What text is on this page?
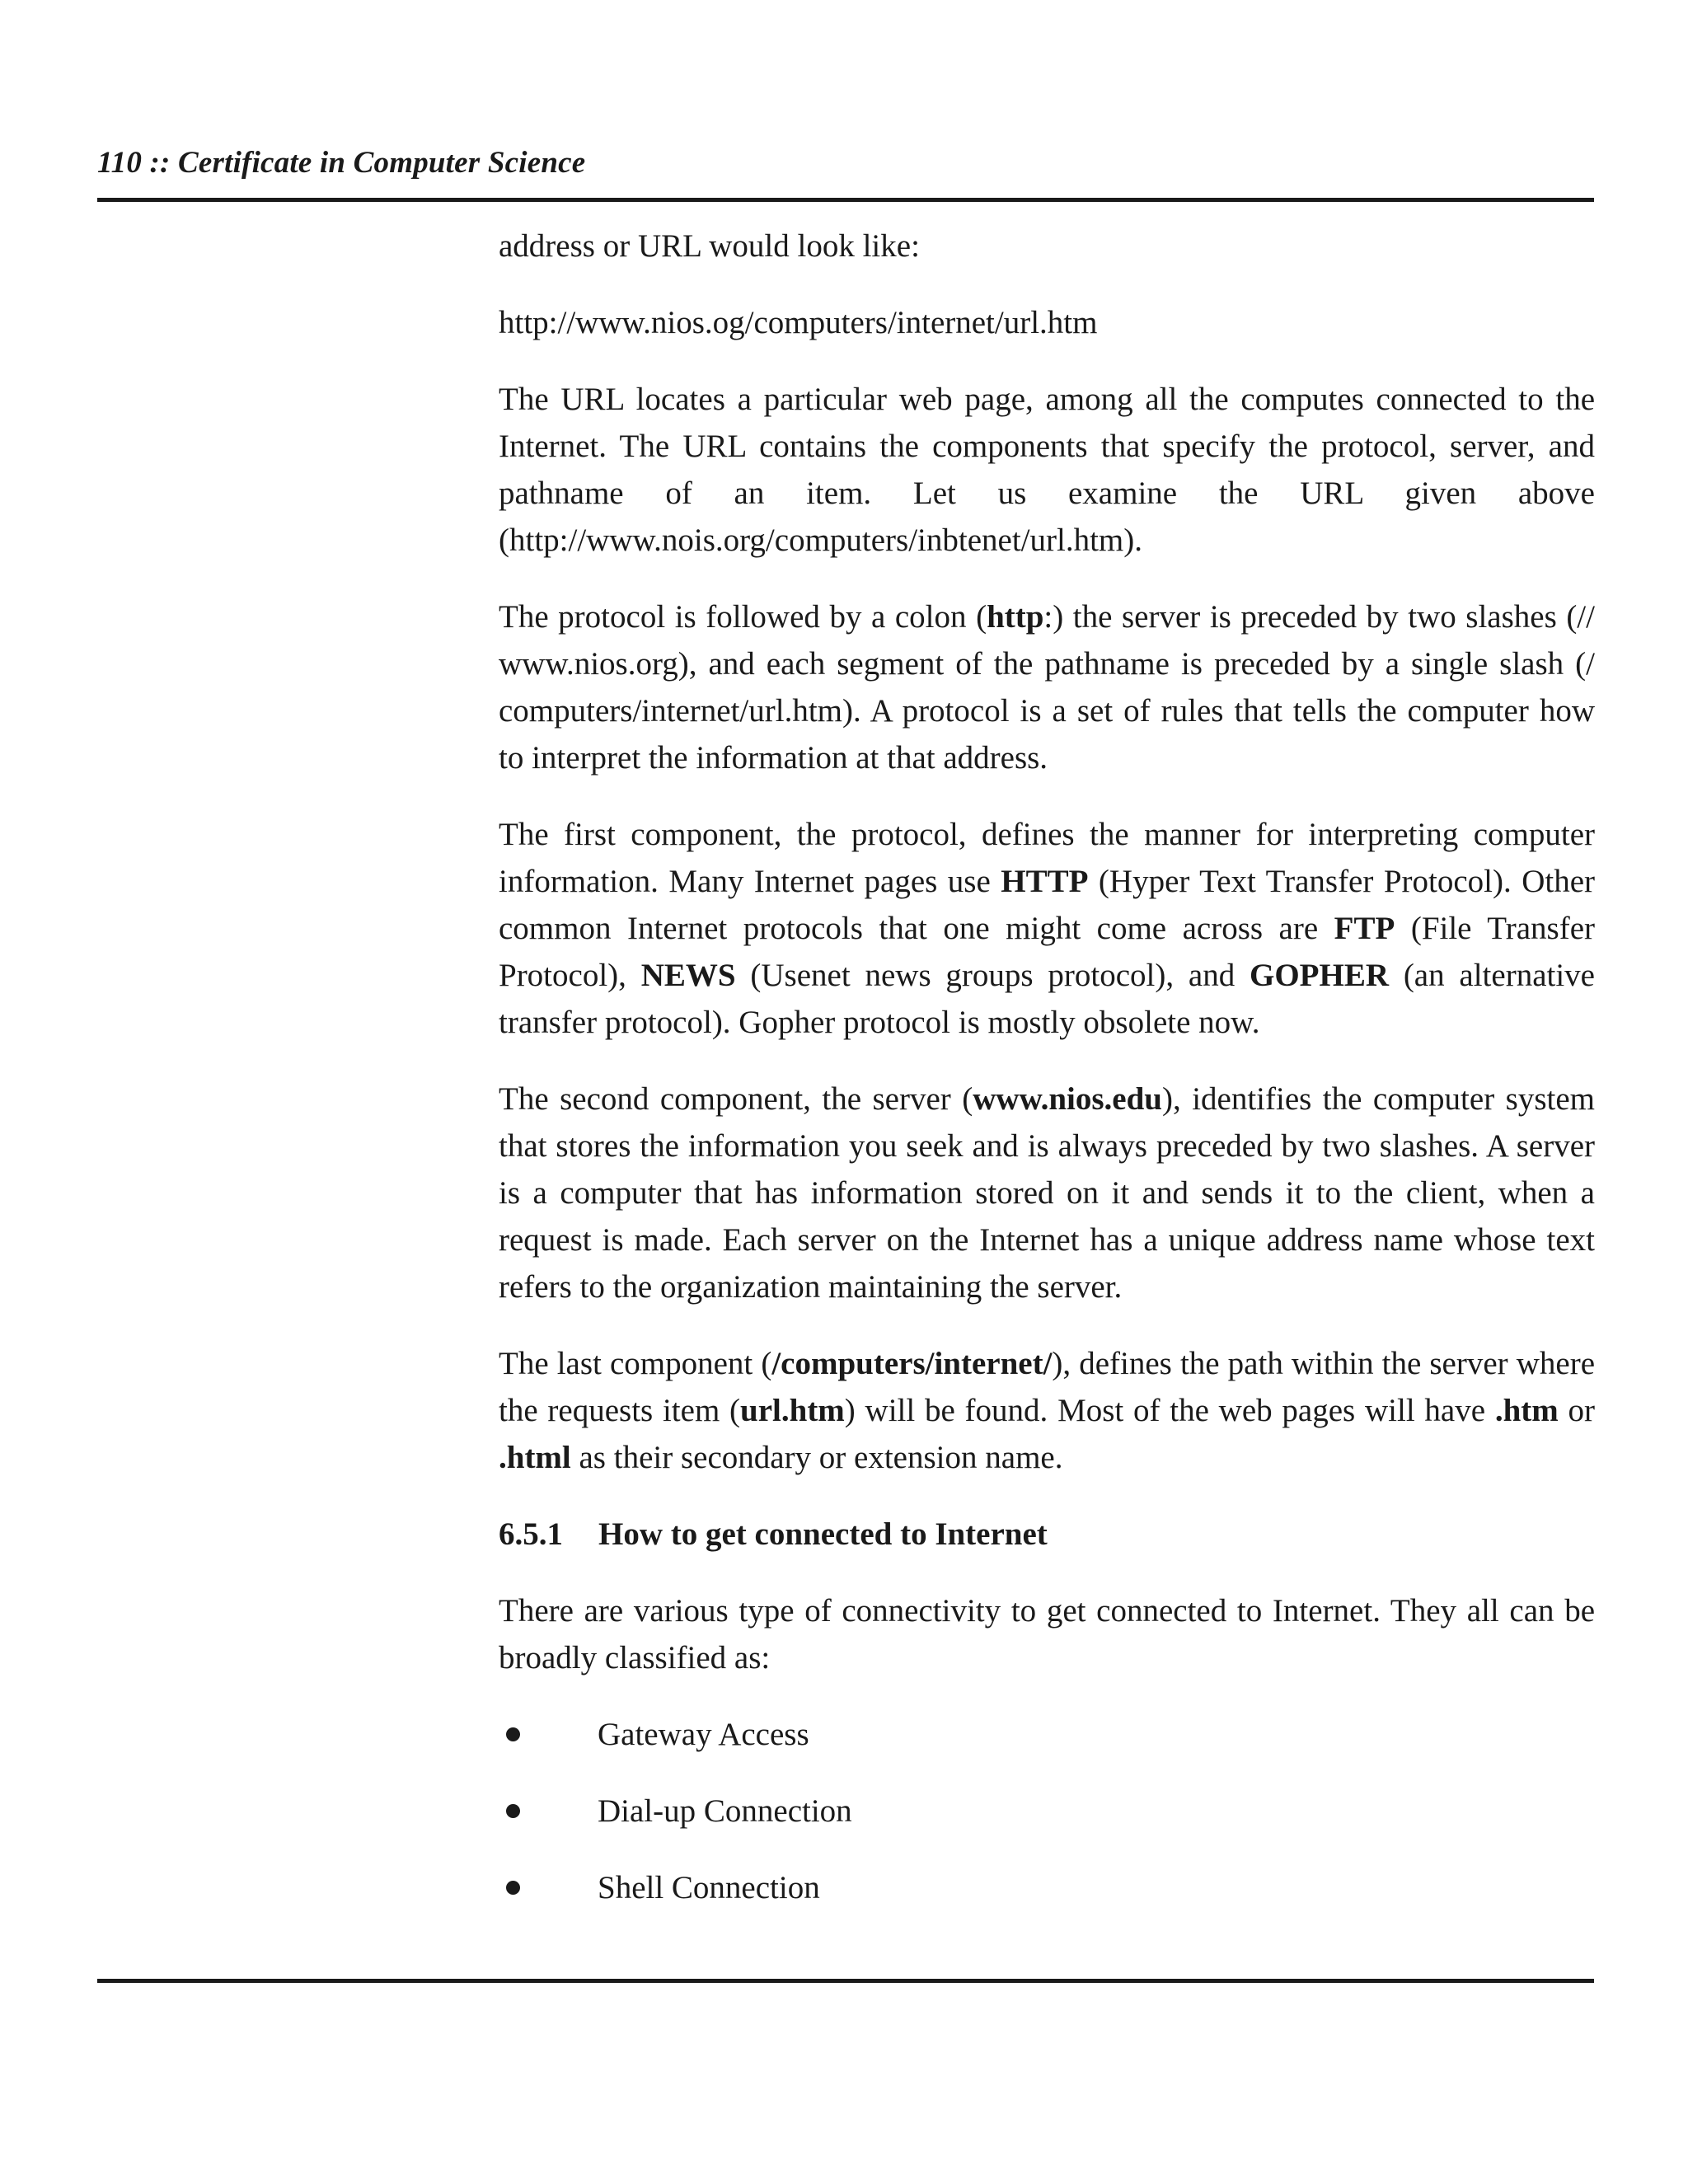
110 :: Certificate in Computer Science

address or URL would look like:

http://www.nios.og/computers/internet/url.htm

The URL locates a particular web page, among all the computes connected to the Internet. The URL contains the components that specify the protocol, server, and pathname of an item. Let us examine the URL given above (http://www.nois.org/computers/inbtenet/url.htm).

The protocol is followed by a colon (http:) the server is preceded by two slashes (// www.nios.org), and each segment of the pathname is preceded by a single slash (/ computers/internet/url.htm). A protocol is a set of rules that tells the computer how to interpret the information at that address.

The first component, the protocol, defines the manner for interpreting computer information. Many Internet pages use HTTP (Hyper Text Transfer Protocol). Other common Internet protocols that one might come across are FTP (File Transfer Protocol), NEWS (Usenet news groups protocol), and GOPHER (an alternative transfer protocol). Gopher protocol is mostly obsolete now.

The second component, the server (www.nios.edu), identifies the computer system that stores the information you seek and is always preceded by two slashes. A server is a computer that has information stored on it and sends it to the client, when a request is made. Each server on the Internet has a unique address name whose text refers to the organization maintaining the server.

The last component (/computers/internet/), defines the path within the server where the requests item (url.htm) will be found. Most of the web pages will have .htm or .html as their secondary or extension name.

6.5.1 How to get connected to Internet

There are various type of connectivity to get connected to Internet. They all can be broadly classified as:

Gateway Access
Dial-up Connection
Shell Connection
